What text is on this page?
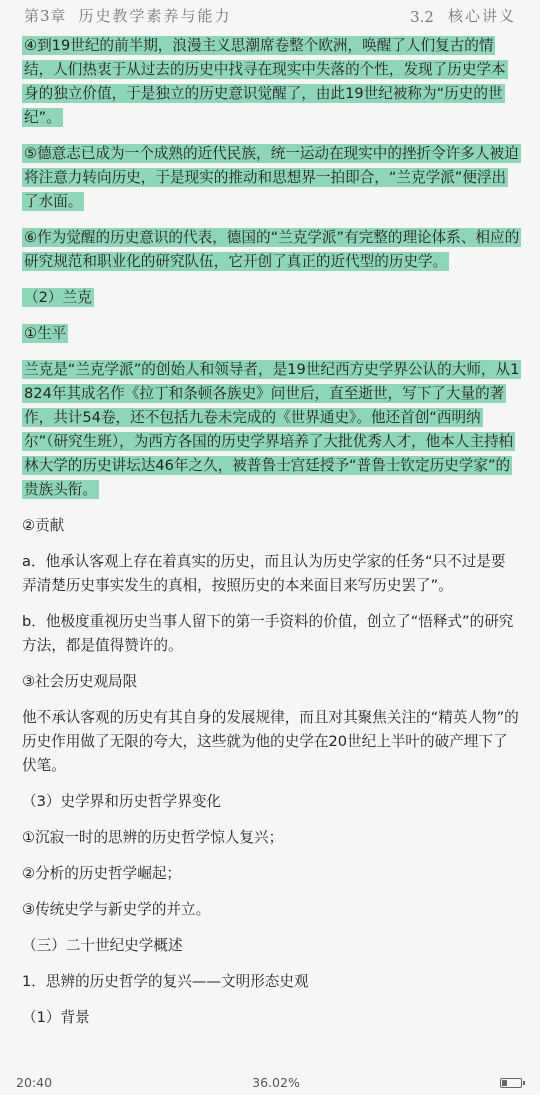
第3章 历史教学素养与能力	3.2 核心讲义
④到19世纪的前半期，浪漫主义思潮席卷整个欧洲，唤醒了人们复古的情结，人们热衷于从过去的历史中找寻在现实中失落的个性，发现了历史学本身的独立价值，于是独立的历史意识觉醒了，由此19世纪被称为“历史的世纪”。
⑤德意志已成为一个成熟的近代民族，统一运动在现实中的挫折令许多人被迫将注意力转向历史，于是现实的推动和思想界一拍即合，“兰克学派”便浮出了水面。
⑥作为觉醒的历史意识的代表，德国的“兰克学派”有完整的理论体系、相应的研究规范和职业化的研究队伍，它开创了真正的近代型的历史学。
（2）兰克
①生平
兰克是“兰克学派”的创始人和领导者，是19世纪西方史学界公认的大师，从1824年其成名作《拉丁和条顿各族史》问世后，直至逝世，写下了大量的著作，共计54卷，还不包括九卷未完成的《世界通史》。他还首创“西明纳尔”（研究生班），为西方各国的历史学界培养了大批优秀人才，他本人主持柏林大学的历史讲坛达46年之久，被普鲁士宫廷授予“普鲁士钦定历史学家”的贵族头衔。
②贡献
a．他承认客观上存在着真实的历史，而且认为历史学家的任务“只不过是要弄清楚历史事实发生的真相，按照历史的本来面目来写历史罢了”。
b．他极度重视历史当事人留下的第一手资料的价值，创立了“悟释式”的研究方法，都是值得赞许的。
③社会历史观局限
他不承认客观的历史有其自身的发展规律，而且对其聚焦关注的“精英人物”的历史作用做了无限的夸大，这些就为他的史学在20世纪上半叶的破产埋下了伏笔。
（3）史学界和历史哲学界变化
①沉寂一时的思辨的历史哲学惊人复兴；
②分析的历史哲学崛起；
③传统史学与新史学的并立。
（三）二十世纪史学概述
1．思辨的历史哲学的复兴——文明形态史观
（1）背景
20:40	36.02%
